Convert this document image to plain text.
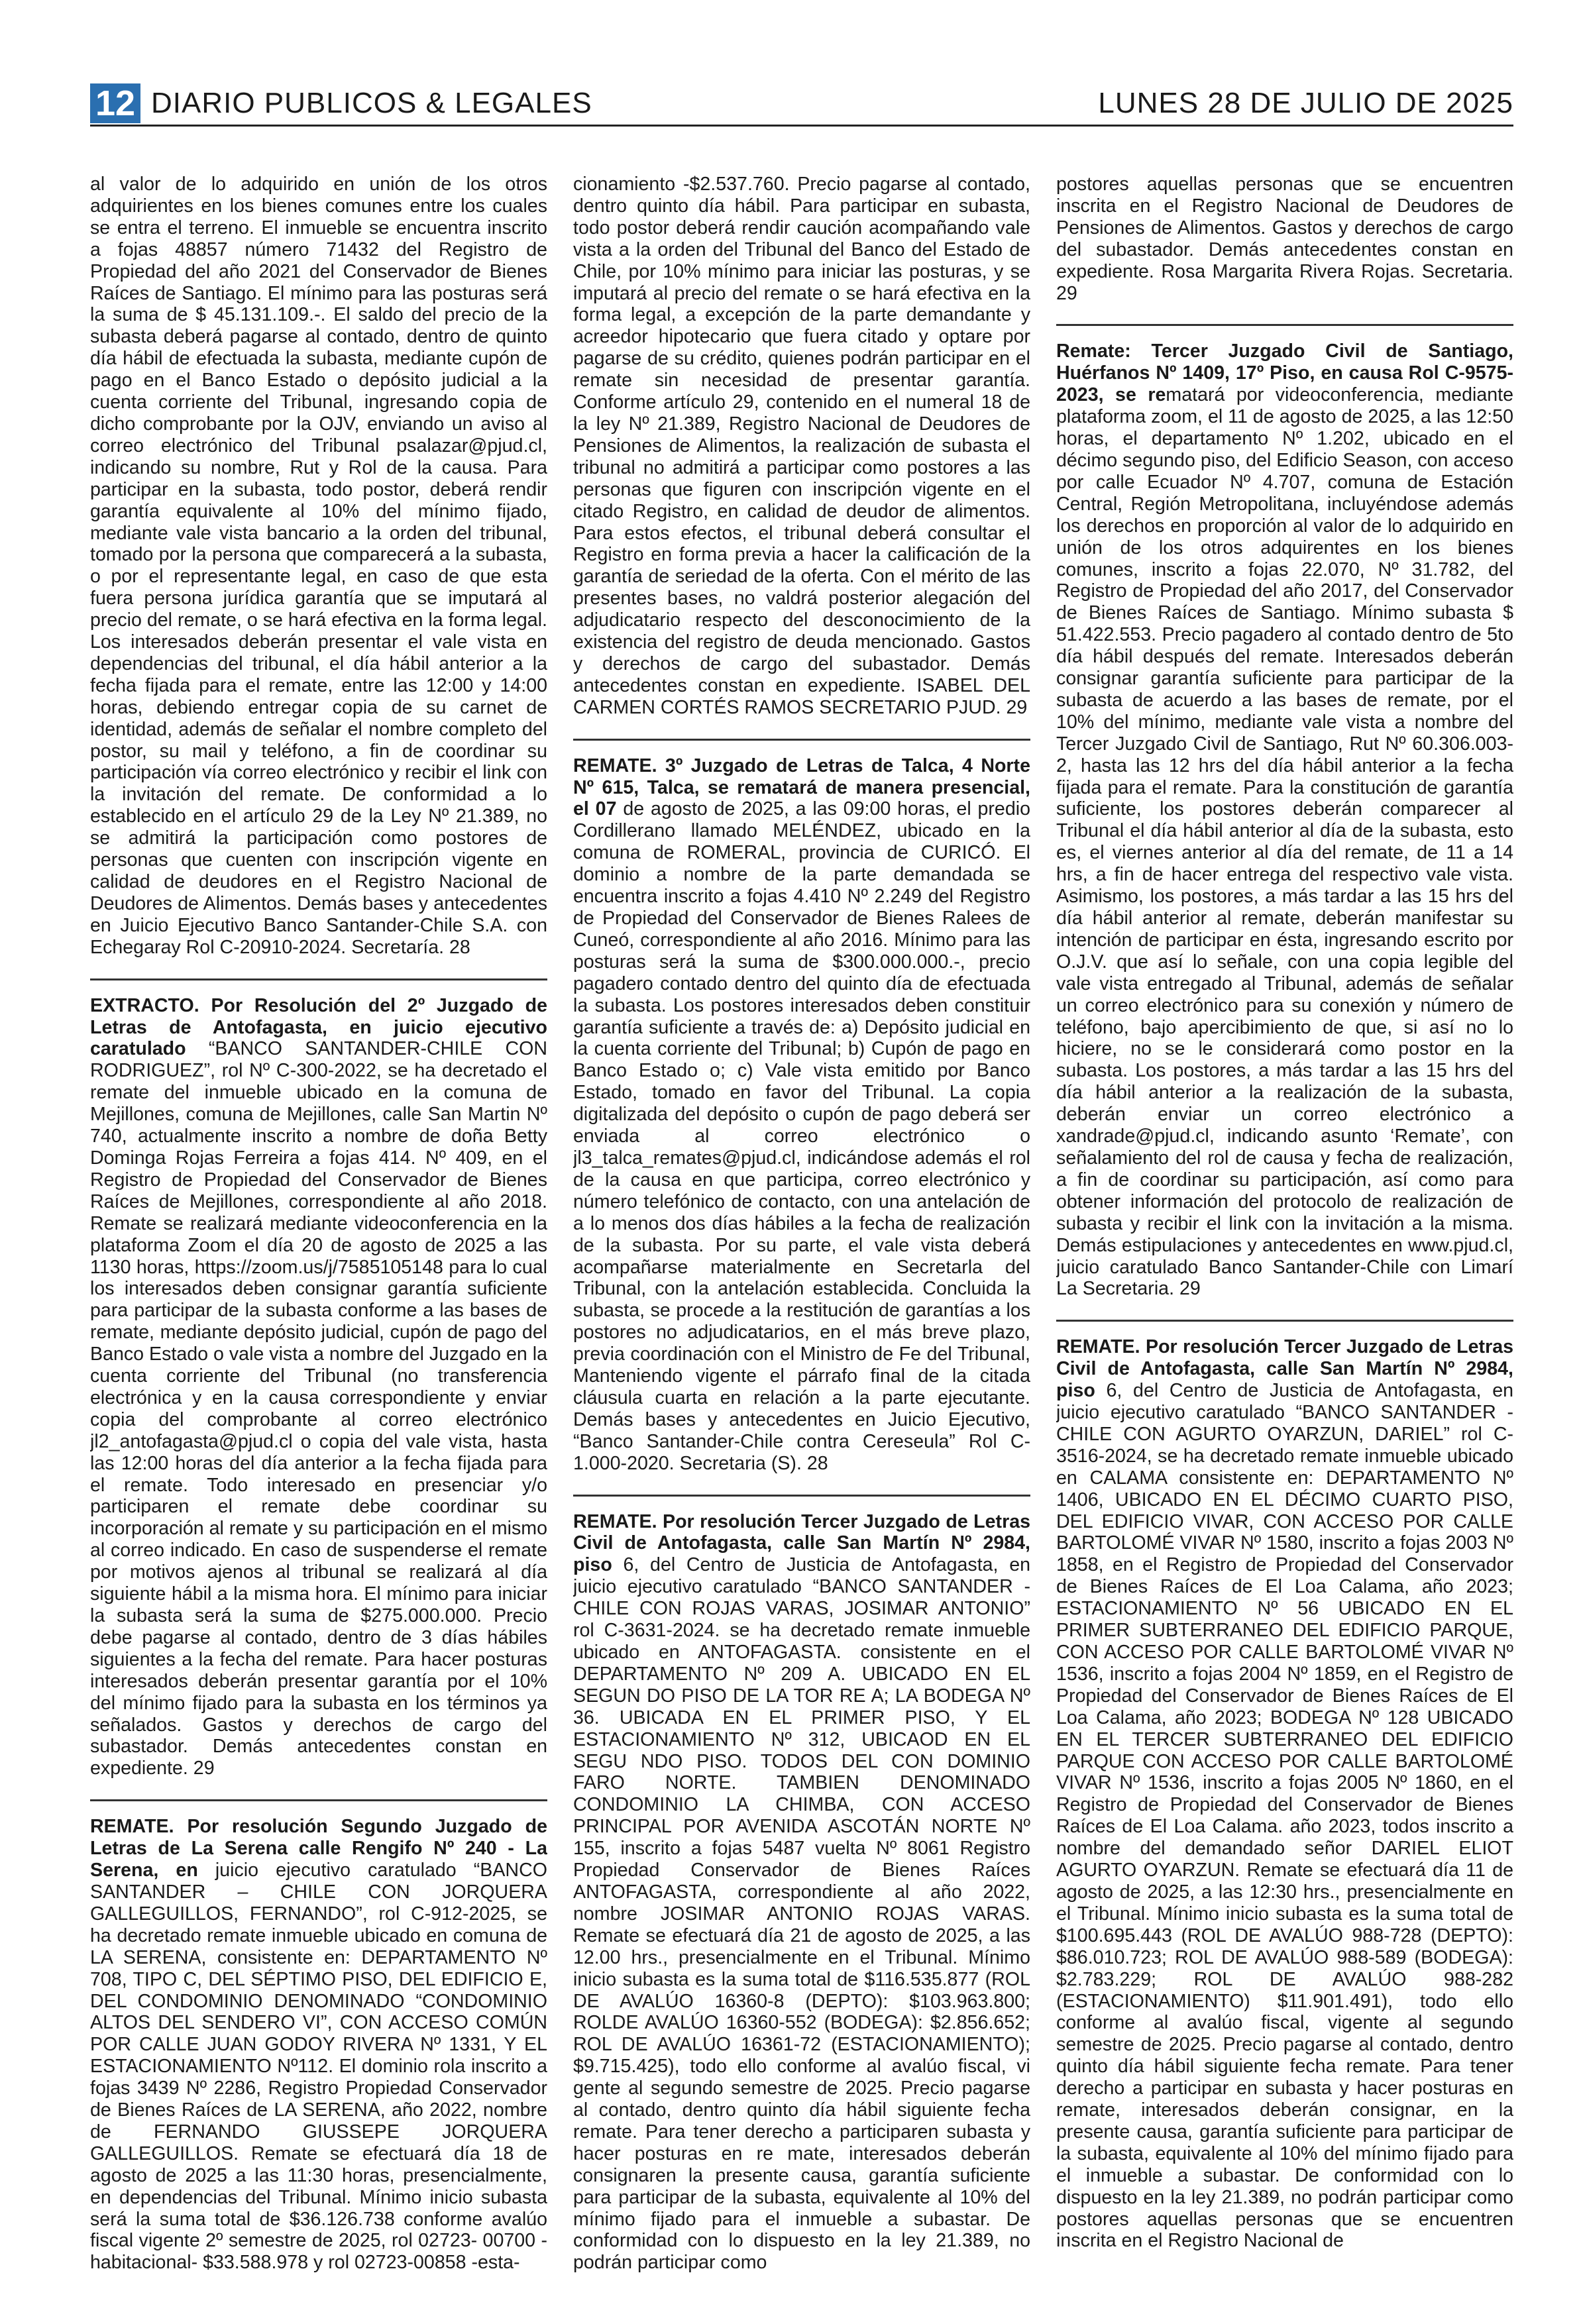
12 DIARIO PUBLICOS & LEGALES	LUNES 28 DE JULIO DE 2025

al valor de lo adquirido en unión de los otros adquirientes en los bienes comunes entre los cuales se entra el terreno. El inmueble se encuentra inscrito a fojas 48857 número 71432 del Registro de Propiedad del año 2021 del Conservador de Bienes Raíces de Santiago. El mínimo para las posturas será la suma de $ 45.131.109.-. El saldo del precio de la subasta deberá pagarse al contado, dentro de quinto día hábil de efectuada la subasta, mediante cupón de pago en el Banco Estado o depósito judicial a la cuenta corriente del Tribunal, ingresando copia de dicho comprobante por la OJV, enviando un aviso al correo electrónico del Tribunal psalazar@pjud.cl, indicando su nombre, Rut y Rol de la causa. Para participar en la subasta, todo postor, deberá rendir garantía equivalente al 10% del mínimo fijado, mediante vale vista bancario a la orden del tribunal, tomado por la persona que comparecerá a la subasta, o por el representante legal, en caso de que esta fuera persona jurídica garantía que se imputará al precio del remate, o se hará efectiva en la forma legal. Los interesados deberán presentar el vale vista en dependencias del tribunal, el día hábil anterior a la fecha fijada para el remate, entre las 12:00 y 14:00 horas, debiendo entregar copia de su carnet de identidad, además de señalar el nombre completo del postor, su mail y teléfono, a fin de coordinar su participación vía correo electrónico y recibir el link con la invitación del remate. De conformidad a lo establecido en el artículo 29 de la Ley Nº 21.389, no se admitirá la participación como postores de personas que cuenten con inscripción vigente en calidad de deudores en el Registro Nacional de Deudores de Alimentos. Demás bases y antecedentes en Juicio Ejecutivo Banco Santander-Chile S.A. con Echegaray Rol C-20910-2024. Secretaría. 28

EXTRACTO. Por Resolución del 2º Juzgado de Letras de Antofagasta, en juicio ejecutivo caratulado “BANCO SANTANDER-CHILE CON RODRIGUEZ”, rol Nº C-300-2022, se ha decretado el remate del inmueble ubicado en la comuna de Mejillones, comuna de Mejillones, calle San Martin Nº 740, actualmente inscrito a nombre de doña Betty Dominga Rojas Ferreira a fojas 414. Nº 409, en el Registro de Propiedad del Conservador de Bienes Raíces de Mejillones, correspondiente al año 2018. Remate se realizará mediante videoconferencia en la plataforma Zoom el día 20 de agosto de 2025 a las 1130 horas, https://zoom.us/j/7585105148 para lo cual los interesados deben consignar garantía suficiente para participar de la subasta conforme a las bases de remate, mediante depósito judicial, cupón de pago del Banco Estado o vale vista a nombre del Juzgado en la cuenta corriente del Tribunal (no transferencia electrónica y en la causa correspondiente y enviar copia del comprobante al correo electrónico jl2_antofagasta@pjud.cl o copia del vale vista, hasta las 12:00 horas del día anterior a la fecha fijada para el remate. Todo interesado en presenciar y/o participaren el remate debe coordinar su incorporación al remate y su participación en el mismo al correo indicado. En caso de suspenderse el remate por motivos ajenos al tribunal se realizará al día siguiente hábil a la misma hora. El mínimo para iniciar la subasta será la suma de $275.000.000. Precio debe pagarse al contado, dentro de 3 días hábiles siguientes a la fecha del remate. Para hacer posturas interesados deberán presentar garantía por el 10% del mínimo fijado para la subasta en los términos ya señalados. Gastos y derechos de cargo del subastador. Demás antecedentes constan en expediente. 29

REMATE. Por resolución Segundo Juzgado de Letras de La Serena calle Rengifo Nº 240 - La Serena, en juicio ejecutivo caratulado “BANCO SANTANDER – CHILE CON JORQUERA GALLEGUILLOS, FERNANDO”, rol C-912-2025, se ha decretado remate inmueble ubicado en comuna de LA SERENA, consistente en: DEPARTAMENTO Nº 708, TIPO C, DEL SÉPTIMO PISO, DEL EDIFICIO E, DEL CONDOMINIO DENOMINADO “CONDOMINIO ALTOS DEL SENDERO VI”, CON ACCESO COMÚN POR CALLE JUAN GODOY RIVERA Nº 1331, Y EL ESTACIONAMIENTO Nº112. El dominio rola inscrito a fojas 3439 Nº 2286, Registro Propiedad Conservador de Bienes Raíces de LA SERENA, año 2022, nombre de FERNANDO GIUSSEPE JORQUERA GALLEGUILLOS. Remate se efectuará día 18 de agosto de 2025 a las 11:30 horas, presencialmente, en dependencias del Tribunal. Mínimo inicio subasta será la suma total de $36.126.738 conforme avalúo fiscal vigente 2º semestre de 2025, rol 02723- 00700 -habitacional- $33.588.978 y rol 02723-00858 -esta-

cionamiento -$2.537.760. Precio pagarse al contado, dentro quinto día hábil. Para participar en subasta, todo postor deberá rendir caución acompañando vale vista a la orden del Tribunal del Banco del Estado de Chile, por 10% mínimo para iniciar las posturas, y se imputará al precio del remate o se hará efectiva en la forma legal, a excepción de la parte demandante y acreedor hipotecario que fuera citado y optare por pagarse de su crédito, quienes podrán participar en el remate sin necesidad de presentar garantía. Conforme artículo 29, contenido en el numeral 18 de la ley Nº 21.389, Registro Nacional de Deudores de Pensiones de Alimentos, la realización de subasta el tribunal no admitirá a participar como postores a las personas que figuren con inscripción vigente en el citado Registro, en calidad de deudor de alimentos. Para estos efectos, el tribunal deberá consultar el Registro en forma previa a hacer la calificación de la garantía de seriedad de la oferta. Con el mérito de las presentes bases, no valdrá posterior alegación del adjudicatario respecto del desconocimiento de la existencia del registro de deuda mencionado. Gastos y derechos de cargo del subastador. Demás antecedentes constan en expediente. ISABEL DEL CARMEN CORTÉS RAMOS SECRETARIO PJUD. 29

REMATE. 3º Juzgado de Letras de Talca, 4 Norte Nº 615, Talca, se rematará de manera presencial, el 07 de agosto de 2025, a las 09:00 horas, el predio Cordillerano llamado MELÉNDEZ, ubicado en la comuna de ROMERAL, provincia de CURICÓ. El dominio a nombre de la parte demandada se encuentra inscrito a fojas 4.410 Nº 2.249 del Registro de Propiedad del Conservador de Bienes Ralees de Cuneó, correspondiente al año 2016. Mínimo para las posturas será la suma de $300.000.000.-, precio pagadero contado dentro del quinto día de efectuada la subasta. Los postores interesados deben constituir garantía suficiente a través de: a) Depósito judicial en la cuenta corriente del Tribunal; b) Cupón de pago en Banco Estado o; c) Vale vista emitido por Banco Estado, tomado en favor del Tribunal. La copia digitalizada del depósito o cupón de pago deberá ser enviada al correo electrónico o jl3_talca_remates@pjud.cl, indicándose además el rol de la causa en que participa, correo electrónico y número telefónico de contacto, con una antelación de a lo menos dos días hábiles a la fecha de realización de la subasta. Por su parte, el vale vista deberá acompañarse materialmente en Secretarla del Tribunal, con la antelación establecida. Concluida la subasta, se procede a la restitución de garantías a los postores no adjudicatarios, en el más breve plazo, previa coordinación con el Ministro de Fe del Tribunal, Manteniendo vigente el párrafo final de la citada cláusula cuarta en relación a la parte ejecutante. Demás bases y antecedentes en Juicio Ejecutivo, “Banco Santander-Chile contra Cereseula” Rol C-1.000-2020. Secretaria (S). 28

REMATE. Por resolución Tercer Juzgado de Letras Civil de Antofagasta, calle San Martín Nº 2984, piso 6, del Centro de Justicia de Antofagasta, en juicio ejecutivo caratulado “BANCO SANTANDER -CHILE CON ROJAS VARAS, JOSIMAR ANTONIO” rol C-3631-2024. se ha decretado remate inmueble ubicado en ANTOFAGASTA. consistente en el DEPARTAMENTO Nº 209 A. UBICADO EN EL SEGUN DO PISO DE LA TOR RE A; LA BODEGA Nº 36. UBICADA EN EL PRIMER PISO, Y EL ESTACIONAMIENTO Nº 312, UBICAOD EN EL SEGU NDO PISO. TODOS DEL CON DOMINIO FARO NORTE. TAMBIEN DENOMINADO CONDOMINIO LA CHIMBA, CON ACCESO PRINCIPAL POR AVENIDA ASCOTÁN NORTE Nº 155, inscrito a fojas 5487 vuelta Nº 8061 Registro Propiedad Conservador de Bienes Raíces ANTOFAGASTA, correspondiente al año 2022, nombre JOSIMAR ANTONIO ROJAS VARAS. Remate se efectuará día 21 de agosto de 2025, a las 12.00 hrs., presencialmente en el Tribunal. Mínimo inicio subasta es la suma total de $116.535.877 (ROL DE AVALÚO 16360-8 (DEPTO): $103.963.800; ROLDE AVALÚO 16360-552 (BODEGA): $2.856.652; ROL DE AVALÚO 16361-72 (ESTACIONAMIENTO); $9.715.425), todo ello conforme al avalúo fiscal, vi gente al segundo semestre de 2025. Precio pagarse al contado, dentro quinto día hábil siguiente fecha remate. Para tener derecho a participaren subasta y hacer posturas en re mate, interesados deberán consignaren la presente causa, garantía suficiente para participar de la subasta, equivalente al 10% del mínimo fijado para el inmueble a subastar. De conformidad con lo dispuesto en la ley 21.389, no podrán participar como

postores aquellas personas que se encuentren inscrita en el Registro Nacional de Deudores de Pensiones de Alimentos. Gastos y derechos de cargo del subastador. Demás antecedentes constan en expediente. Rosa Margarita Rivera Rojas. Secretaria. 29

Remate: Tercer Juzgado Civil de Santiago, Huérfanos Nº 1409, 17º Piso, en causa Rol C-9575-2023, se rematará por videoconferencia, mediante plataforma zoom, el 11 de agosto de 2025, a las 12:50 horas, el departamento Nº 1.202, ubicado en el décimo segundo piso, del Edificio Season, con acceso por calle Ecuador Nº 4.707, comuna de Estación Central, Región Metropolitana, incluyéndose además los derechos en proporción al valor de lo adquirido en unión de los otros adquirentes en los bienes comunes, inscrito a fojas 22.070, Nº 31.782, del Registro de Propiedad del año 2017, del Conservador de Bienes Raíces de Santiago. Mínimo subasta $ 51.422.553. Precio pagadero al contado dentro de 5to día hábil después del remate. Interesados deberán consignar garantía suficiente para participar de la subasta de acuerdo a las bases de remate, por el 10% del mínimo, mediante vale vista a nombre del Tercer Juzgado Civil de Santiago, Rut Nº 60.306.003-2, hasta las 12 hrs del día hábil anterior a la fecha fijada para el remate. Para la constitución de garantía suficiente, los postores deberán comparecer al Tribunal el día hábil anterior al día de la subasta, esto es, el viernes anterior al día del remate, de 11 a 14 hrs, a fin de hacer entrega del respectivo vale vista. Asimismo, los postores, a más tardar a las 15 hrs del día hábil anterior al remate, deberán manifestar su intención de participar en ésta, ingresando escrito por O.J.V. que así lo señale, con una copia legible del vale vista entregado al Tribunal, además de señalar un correo electrónico para su conexión y número de teléfono, bajo apercibimiento de que, si así no lo hiciere, no se le considerará como postor en la subasta. Los postores, a más tardar a las 15 hrs del día hábil anterior a la realización de la subasta, deberán enviar un correo electrónico a xandrade@pjud.cl, indicando asunto ‘Remate’, con señalamiento del rol de causa y fecha de realización, a fin de coordinar su participación, así como para obtener información del protocolo de realización de subasta y recibir el link con la invitación a la misma. Demás estipulaciones y antecedentes en www.pjud.cl, juicio caratulado Banco Santander-Chile con Limarí La Secretaria. 29

REMATE. Por resolución Tercer Juzgado de Letras Civil de Antofagasta, calle San Martín Nº 2984, piso 6, del Centro de Justicia de Antofagasta, en juicio ejecutivo caratulado “BANCO SANTANDER - CHILE CON AGURTO OYARZUN, DARIEL” rol C-3516-2024, se ha decretado remate inmueble ubicado en CALAMA consistente en: DEPARTAMENTO Nº 1406, UBICADO EN EL DÉCIMO CUARTO PISO, DEL EDIFICIO VIVAR, CON ACCESO POR CALLE BARTOLOMÉ VIVAR Nº 1580, inscrito a fojas 2003 Nº 1858, en el Registro de Propiedad del Conservador de Bienes Raíces de El Loa Calama, año 2023; ESTACIONAMIENTO Nº 56 UBICADO EN EL PRIMER SUBTERRANEO DEL EDIFICIO PARQUE, CON ACCESO POR CALLE BARTOLOMÉ VIVAR Nº 1536, inscrito a fojas 2004 Nº 1859, en el Registro de Propiedad del Conservador de Bienes Raíces de El Loa Calama, año 2023; BODEGA Nº 128 UBICADO EN EL TERCER SUBTERRANEO DEL EDIFICIO PARQUE CON ACCESO POR CALLE BARTOLOMÉ VIVAR Nº 1536, inscrito a fojas 2005 Nº 1860, en el Registro de Propiedad del Conservador de Bienes Raíces de El Loa Calama. año 2023, todos inscrito a nombre del demandado señor DARIEL ELIOT AGURTO OYARZUN. Remate se efectuará día 11 de agosto de 2025, a las 12:30 hrs., presencialmente en el Tribunal. Mínimo inicio subasta es la suma total de $100.695.443 (ROL DE AVALÚO 988-728 (DEPTO): $86.010.723; ROL DE AVALÚO 988-589 (BODEGA): $2.783.229; ROL DE AVALÚO 988-282 (ESTACIONAMIENTO) $11.901.491), todo ello conforme al avalúo fiscal, vigente al segundo semestre de 2025. Precio pagarse al contado, dentro quinto día hábil siguiente fecha remate. Para tener derecho a participar en subasta y hacer posturas en remate, interesados deberán consignar, en la presente causa, garantía suficiente para participar de la subasta, equivalente al 10% del mínimo fijado para el inmueble a subastar. De conformidad con lo dispuesto en la ley 21.389, no podrán participar como postores aquellas personas que se encuentren inscrita en el Registro Nacional de
